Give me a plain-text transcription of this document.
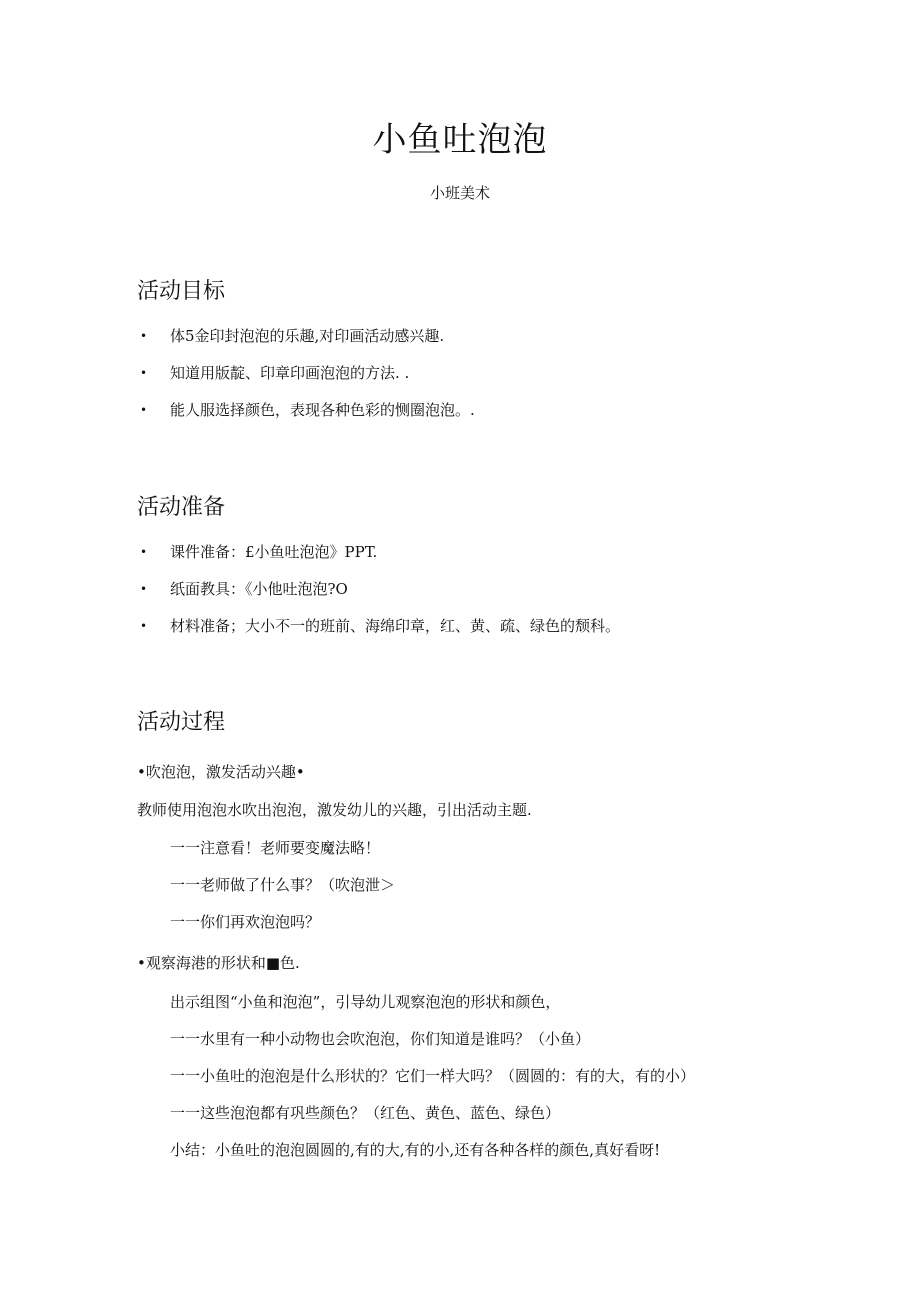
小鱼吐泡泡
小班美术
活动目标
• 体5金印封泡泡的乐趣,对印画活动感兴趣.
• 知道用版靛、印章印画泡泡的方法. .
• 能人服选择颜色，表现各种色彩的恻圈泡泡。.
活动准备
• 课件准备：£小鱼吐泡泡》PPT.
• 纸面教具：《小他吐泡泡?O
• 材料准备；大小不一的班前、海绵印章，红、黄、疏、绿色的颓科。
活动过程
•吹泡泡，激发活动兴趣•
教师使用泡泡水吹出泡泡，激发幼儿的兴趣，引出活动主题.
一一注意看！老师要变魔法略！
一一老师做了什么事？（吹泡泄＞
一一你们再欢泡泡吗？
•观察海港的形状和■色.
出示组图“小鱼和泡泡”，引导幼儿观察泡泡的形状和颜色，
一一水里有一种小动物也会吹泡泡，你们知道是谁吗？（小鱼）
一一小鱼吐的泡泡是什么形状的？它们一样大吗？（圆圆的：有的大，有的小）
一一这些泡泡都有巩些颜色？（红色、黄色、蓝色、绿色）
小结：小鱼吐的泡泡圆圆的,有的大,有的小,还有各种各样的颜色,真好看呀!
